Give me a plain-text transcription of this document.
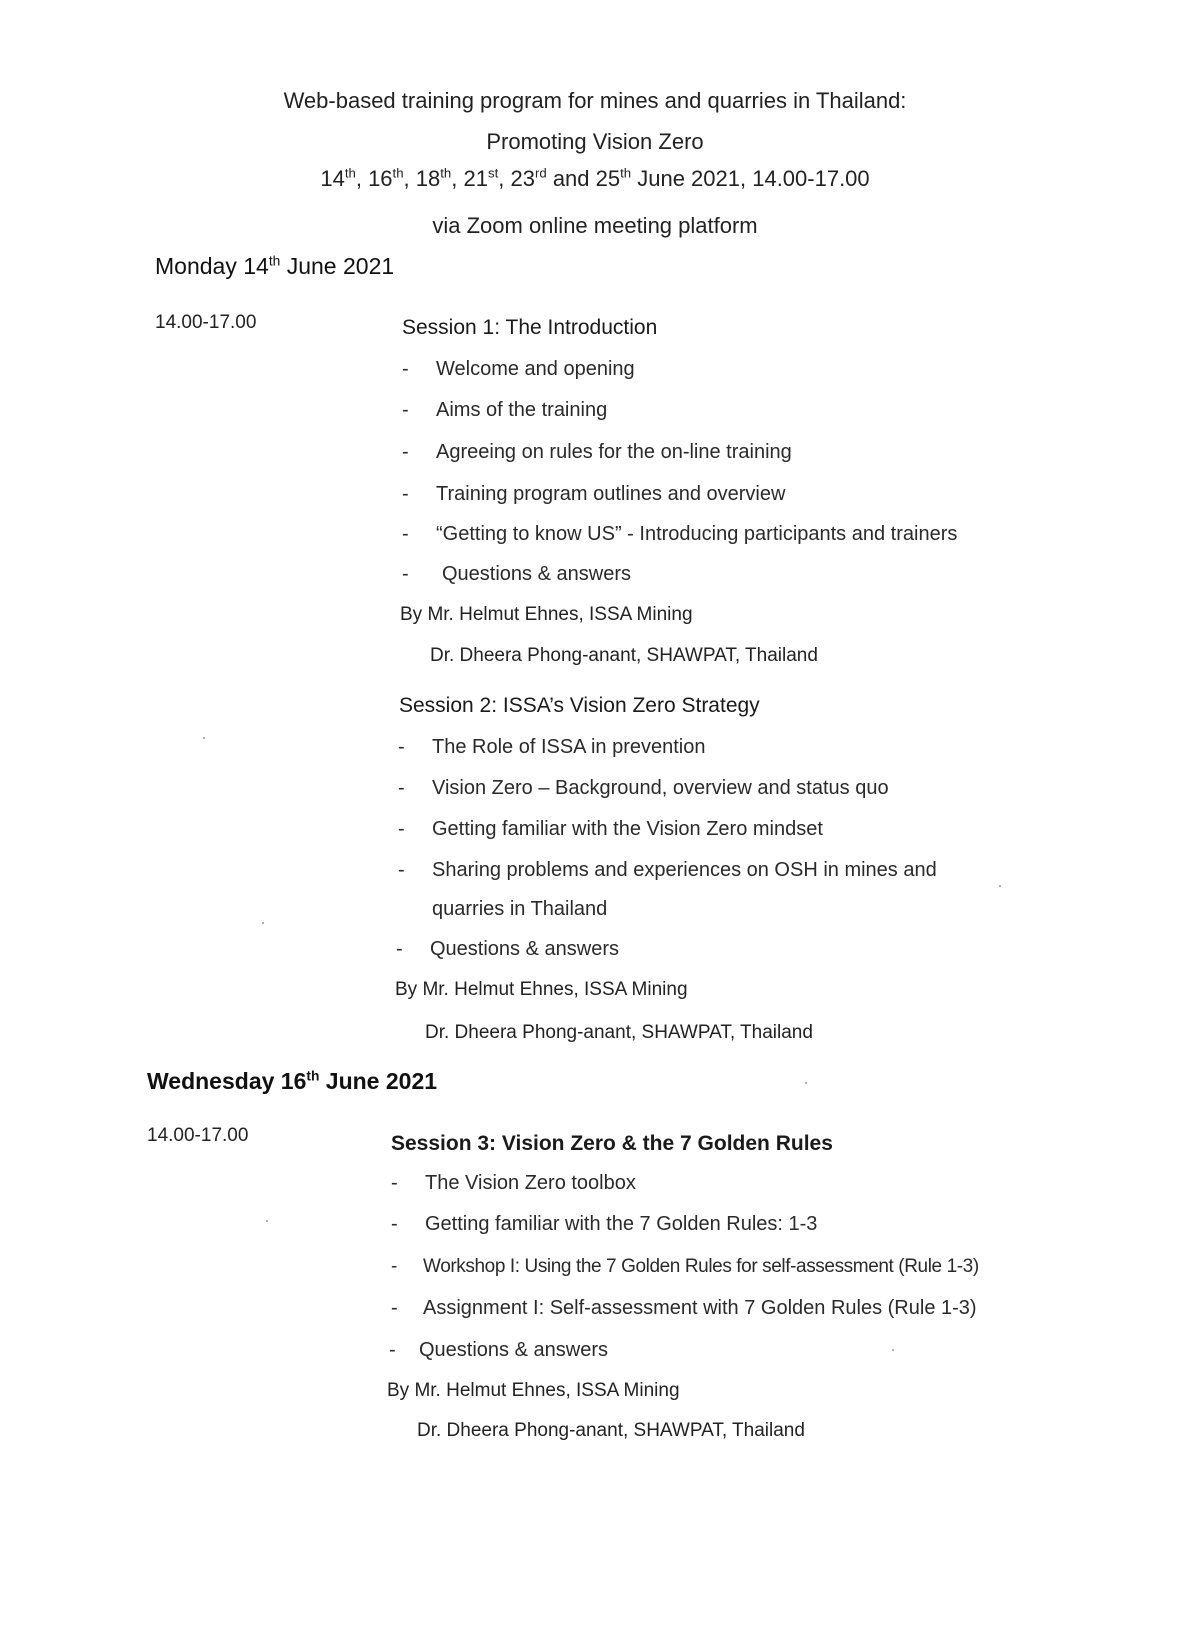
Web-based training program for mines and quarries in Thailand:
Promoting Vision Zero
14th, 16th, 18th, 21st, 23rd and 25th June 2021, 14.00-17.00
via Zoom online meeting platform
Monday 14th June 2021
14.00-17.00	Session 1: The Introduction
- Welcome and opening
- Aims of the training
- Agreeing on rules for the on-line training
- Training program outlines and overview
- “Getting to know US” - Introducing participants and trainers
- Questions & answers
By Mr. Helmut Ehnes, ISSA Mining
Dr. Dheera Phong-anant, SHAWPAT, Thailand
Session 2: ISSA’s Vision Zero Strategy
- The Role of ISSA in prevention
- Vision Zero – Background, overview and status quo
- Getting familiar with the Vision Zero mindset
- Sharing problems and experiences on OSH in mines and
quarries in Thailand
- Questions & answers
By Mr. Helmut Ehnes, ISSA Mining
Dr. Dheera Phong-anant, SHAWPAT, Thailand
Wednesday 16th June 2021
14.00-17.00	Session 3: Vision Zero & the 7 Golden Rules
- The Vision Zero toolbox
- Getting familiar with the 7 Golden Rules: 1-3
- Workshop I: Using the 7 Golden Rules for self-assessment (Rule 1-3)
- Assignment I: Self-assessment with 7 Golden Rules (Rule 1-3)
- Questions & answers
By Mr. Helmut Ehnes, ISSA Mining
Dr. Dheera Phong-anant, SHAWPAT, Thailand
